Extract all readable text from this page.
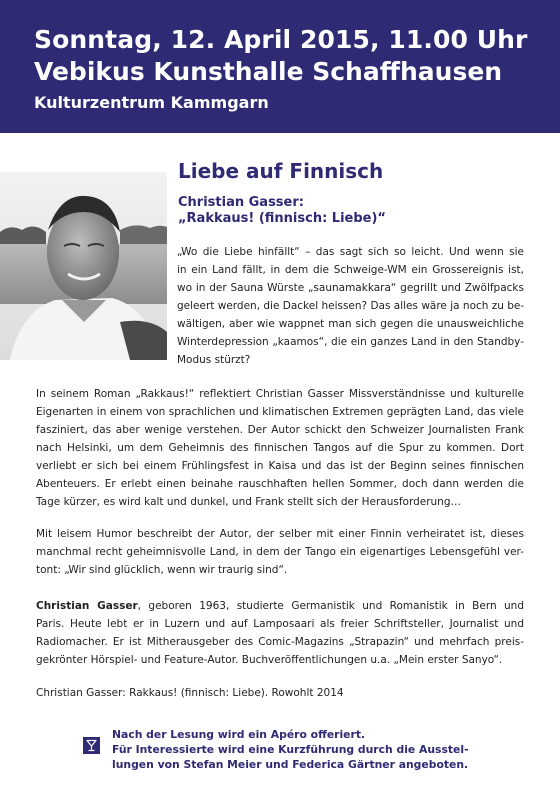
Sonntag, 12. April 2015, 11.00 Uhr
Vebikus Kunsthalle Schaffhausen
Kulturzentrum Kammgarn
Liebe auf Finnisch
Christian Gasser:
„Rakkaus! (finnisch: Liebe)“
„Wo die Liebe hinfällt“ – das sagt sich so leicht. Und wenn sie
in ein Land fällt, in dem die Schweige-WM ein Grossereignis ist,
wo in der Sauna Würste „saunamakkara“ gegrillt und Zwölfpacks
geleert werden, die Dackel heissen? Das alles wäre ja noch zu be-
wältigen, aber wie wappnet man sich gegen die unausweichliche
Winterdepression „kaamos“, die ein ganzes Land in den Standby-
Modus stürzt?
In seinem Roman „Rakkaus!“ reflektiert Christian Gasser Missverständnisse und kulturelle
Eigenarten in einem von sprachlichen und klimatischen Extremen geprägten Land, das viele
fasziniert, das aber wenige verstehen. Der Autor schickt den Schweizer Journalisten Frank
nach Helsinki, um dem Geheimnis des finnischen Tangos auf die Spur zu kommen. Dort
verliebt er sich bei einem Frühlingsfest in Kaisa und das ist der Beginn seines finnischen
Abenteuers. Er erlebt einen beinahe rauschhaften hellen Sommer, doch dann werden die
Tage kürzer, es wird kalt und dunkel, und Frank stellt sich der Herausforderung…
Mit leisem Humor beschreibt der Autor, der selber mit einer Finnin verheiratet ist, dieses
manchmal recht geheimnisvolle Land, in dem der Tango ein eigenartiges Lebensgefühl ver-
tont: „Wir sind glücklich, wenn wir traurig sind“.
Christian Gasser, geboren 1963, studierte Germanistik und Romanistik in Bern und
Paris. Heute lebt er in Luzern und auf Lamposaari als freier Schriftsteller, Journalist und
Radiomacher. Er ist Mitherausgeber des Comic-Magazins „Strapazin“ und mehrfach preis-
gekrönter Hörspiel- und Feature-Autor. Buchveröffentlichungen u.a. „Mein erster Sanyo“.
Christian Gasser: Rakkaus! (finnisch: Liebe). Rowohlt 2014
Nach der Lesung wird ein Apéro offeriert.
Für Interessierte wird eine Kurzführung durch die Ausstel-
lungen von Stefan Meier und Federica Gärtner angeboten.
